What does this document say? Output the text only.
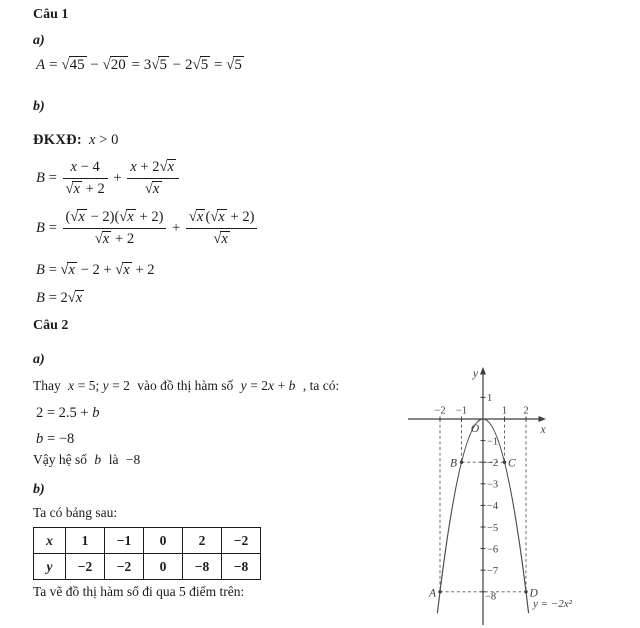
Câu 1
a)
A = √45 − √20 = 3√5 − 2√5 = √5
b)
ĐKXĐ: x > 0
$B = \frac{x - 4}{√x + 2} + \frac{x + 2√x}{√x}$
$B = \frac{(√x - 2)(√x + 2)}{√x + 2} + \frac{√x (√x + 2)}{√x}$
B = √x − 2 + √x + 2
B = 2√x
Câu 2
a)
Thay x = 5; y = 2 vào đồ thị hàm số y = 2x + b , ta có:
2 = 2.5 + b
b = −8
Vậy hệ số b là −8
b)
Ta có bảng sau:
x	1	−1	0	2	−2
y	−2	−2	0	−8	−8
Ta vẽ đồ thị hàm số đi qua 5 điểm trên:
y
x
O
−2 −1	1 2
1
−1
−2
−3
−4
−5
−6
−7
−8
A
B	C
D
y = −2x²
